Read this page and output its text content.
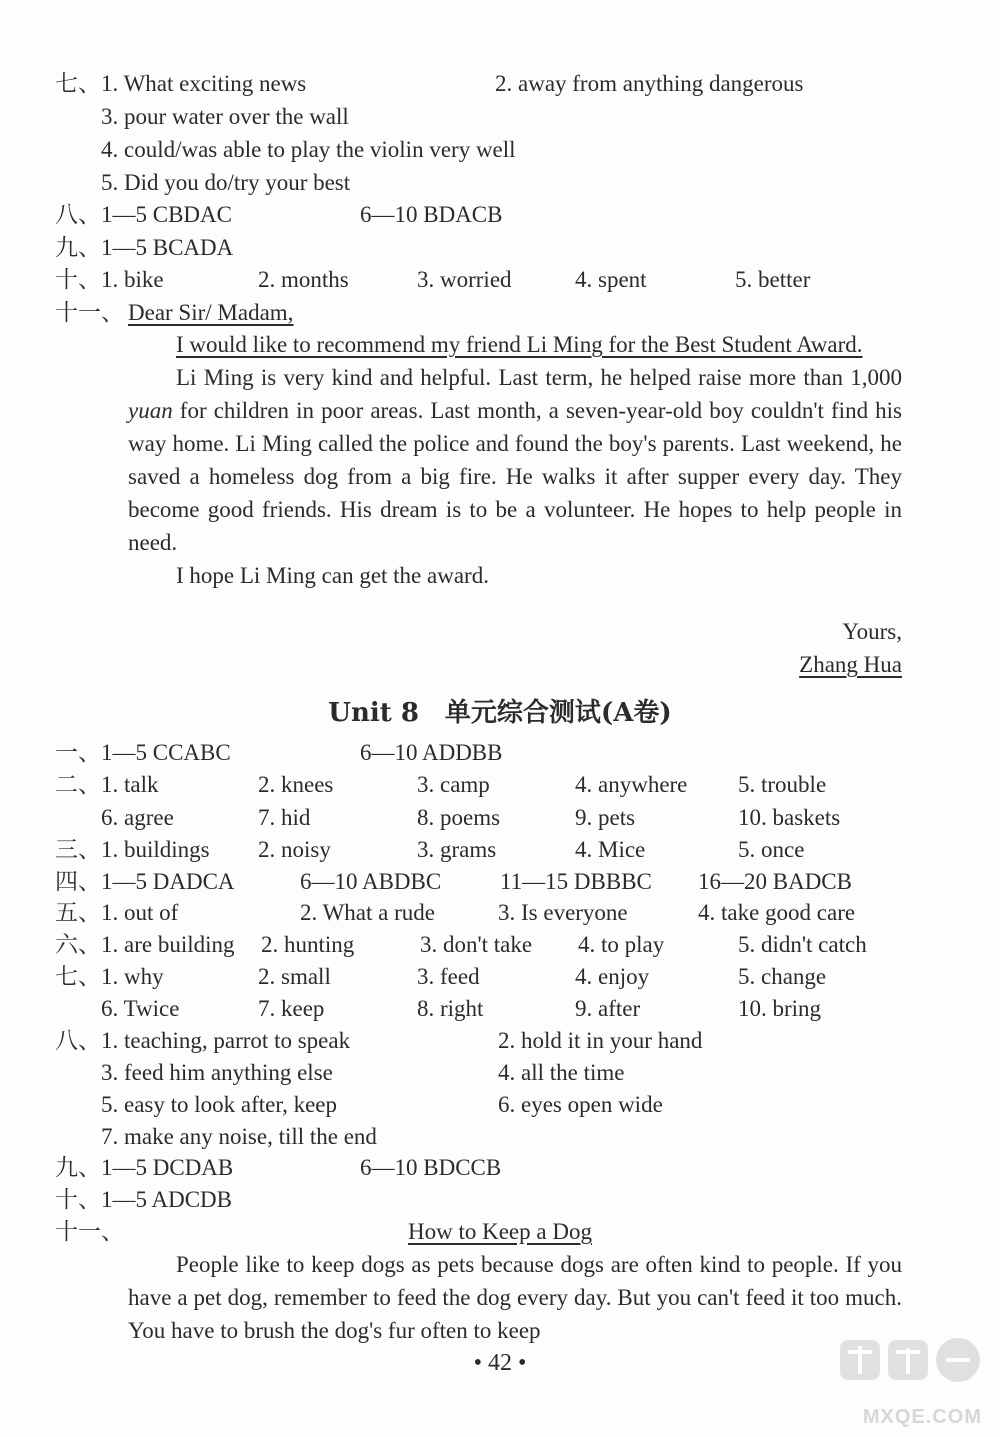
七、 1. What exciting news	2. away from anything dangerous
3. pour water over the wall
4. could/was able to play the violin very well
5. Did you do/try your best
八、 1—5 CBDAC	6—10 BDACB
九、 1—5 BCADA
十、 1. bike	2. months	3. worried	4. spent	5. better
十一、 Dear Sir/ Madam,

I would like to recommend my friend Li Ming for the Best Student Award.

Li Ming is very kind and helpful. Last term, he helped raise more than 1,000 yuan for children in poor areas. Last month, a seven-year-old boy couldn't find his way home. Li Ming called the police and found the boy's parents. Last weekend, he saved a homeless dog from a big fire. He walks it after supper every day. They become good friends. His dream is to be a volunteer. He hopes to help people in need.

I hope Li Ming can get the award.

Yours,
Zhang Hua
Unit 8　单元综合测试(A卷)
一、 1—5 CCABC	6—10 ADDBB
二、 1. talk	2. knees	3. camp	4. anywhere 5. trouble
6. agree	7. hid	8. poems	9. pets	10. baskets
三、 1. buildings 2. noisy	3. grams	4. Mice	5. once
四、 1—5 DADCA	6—10 ABDBC	11—15 DBBBC 16—20 BADCB
五、 1. out of	2. What a rude	3. Is everyone	4. take good care
六、 1. are building 2. hunting	3. don't take 4. to play	5. didn't catch
七、 1. why	2. small	3. feed	4. enjoy	5. change
6. Twice	7. keep	8. right	9. after	10. bring
八、 1. teaching, parrot to speak	2. hold it in your hand
3. feed him anything else	4. all the time
5. easy to look after, keep	6. eyes open wide
7. make any noise, till the end
九、 1—5 DCDAB	6—10 BDCCB
十、 1—5 ADCDB
十一、	How to Keep a Dog

People like to keep dogs as pets because dogs are often kind to people. If you have a pet dog, remember to feed the dog every day. But you can't feed it too much. You have to brush the dog's fur often to keep

• 42 •
MXQE.COM
